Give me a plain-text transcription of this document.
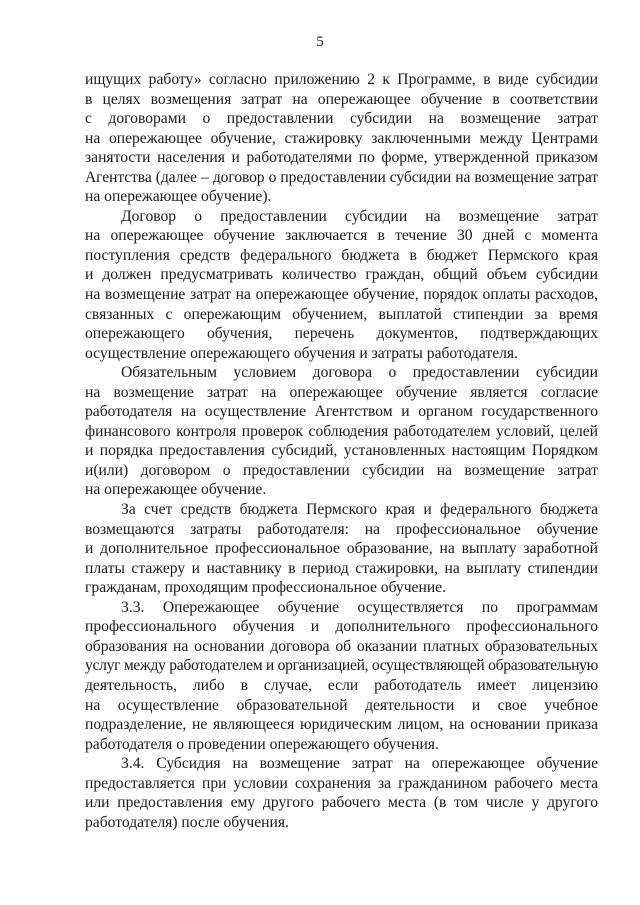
5
ищущих работу» согласно приложению 2 к Программе, в виде субсидии
в целях возмещения затрат на опережающее обучение в соответствии
с договорами о предоставлении субсидии на возмещение затрат
на опережающее обучение, стажировку заключенными между Центрами
занятости населения и работодателями по форме, утвержденной приказом
Агентства (далее – договор о предоставлении субсидии на возмещение затрат
на опережающее обучение).
Договор о предоставлении субсидии на возмещение затрат
на опережающее обучение заключается в течение 30 дней с момента
поступления средств федерального бюджета в бюджет Пермского края
и должен предусматривать количество граждан, общий объем субсидии
на возмещение затрат на опережающее обучение, порядок оплаты расходов,
связанных с опережающим обучением, выплатой стипендии за время
опережающего обучения, перечень документов, подтверждающих
осуществление опережающего обучения и затраты работодателя.
Обязательным условием договора о предоставлении субсидии
на возмещение затрат на опережающее обучение является согласие
работодателя на осуществление Агентством и органом государственного
финансового контроля проверок соблюдения работодателем условий, целей
и порядка предоставления субсидий, установленных настоящим Порядком
и(или) договором о предоставлении субсидии на возмещение затрат
на опережающее обучение.
За счет средств бюджета Пермского края и федерального бюджета
возмещаются затраты работодателя: на профессиональное обучение
и дополнительное профессиональное образование, на выплату заработной
платы стажеру и наставнику в период стажировки, на выплату стипендии
гражданам, проходящим профессиональное обучение.
3.3. Опережающее обучение осуществляется по программам
профессионального обучения и дополнительного профессионального
образования на основании договора об оказании платных образовательных
услуг между работодателем и организацией, осуществляющей образовательную
деятельность, либо в случае, если работодатель имеет лицензию
на осуществление образовательной деятельности и свое учебное
подразделение, не являющееся юридическим лицом, на основании приказа
работодателя о проведении опережающего обучения.
3.4. Субсидия на возмещение затрат на опережающее обучение
предоставляется при условии сохранения за гражданином рабочего места
или предоставления ему другого рабочего места (в том числе у другого
работодателя) после обучения.
